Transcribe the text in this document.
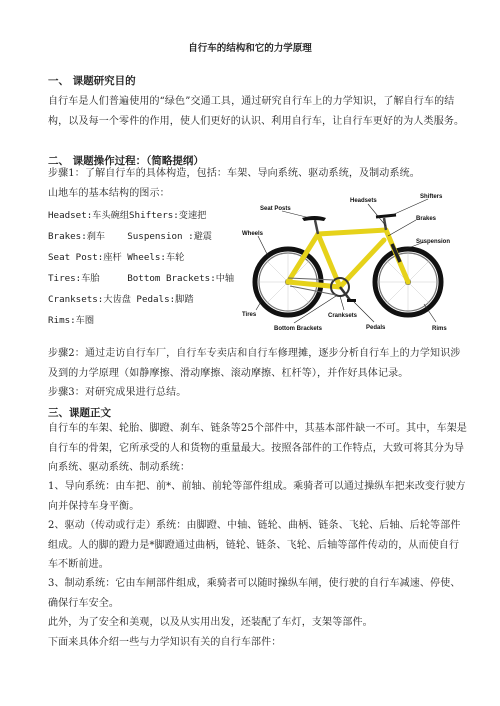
自行车的结构和它的力学原理
一、 课题研究目的
自行车是人们普遍使用的“绿色”交通工具，通过研究自行车上的力学知识，了解自行车的结构，以及每一个零件的作用，使人们更好的认识、利用自行车，让自行车更好的为人类服务。
二、 课题操作过程：（简略提纲）
步骤1：了解自行车的具体构造，包括：车架、导向系统、驱动系统，及制动系统。
山地车的基本结构的图示：
Headset:车头碗组Shifters:变速把
Brakes:刹车    Suspension :避震
Seat Post:座杆 Wheels:车轮
Tires:车胎     Bottom Brackets:中轴
Cranksets:大齿盘 Pedals:脚踏
Rims:车圈
Seat Posts
Headsets
Shifters
Brakes
Wheels
Suspension
Tires	Cranksets
Bottom Brackets	Pedals	Rims
步骤2：通过走访自行车厂，自行车专卖店和自行车修理摊，逐步分析自行车上的力学知识涉及到的力学原理（如静摩擦、滑动摩擦、滚动摩擦、杠杆等），并作好具体记录。
步骤3：对研究成果进行总结。
三、课题正文
自行车的车架、轮胎、脚蹬、刹车、链条等25个部件中，其基本部件缺一不可。其中，车架是自行车的骨架，它所承受的人和货物的重量最大。按照各部件的工作特点，大致可将其分为导向系统、驱动系统、制动系统：
1、导向系统：由车把、前*、前轴、前轮等部件组成。乘骑者可以通过操纵车把来改变行驶方向并保持车身平衡。
2、驱动（传动或行走）系统：由脚蹬、中轴、链轮、曲柄、链条、飞轮、后轴、后轮等部件组成。人的脚的蹬力是*脚蹬通过曲柄，链轮、链条、飞轮、后轴等部件传动的，从而使自行车不断前进。
3、制动系统：它由车闸部件组成，乘骑者可以随时操纵车闸，使行驶的自行车减速、停使、确保行车安全。
此外，为了安全和美观，以及从实用出发，还装配了车灯，支架等部件。
下面来具体介绍一些与力学知识有关的自行车部件：
